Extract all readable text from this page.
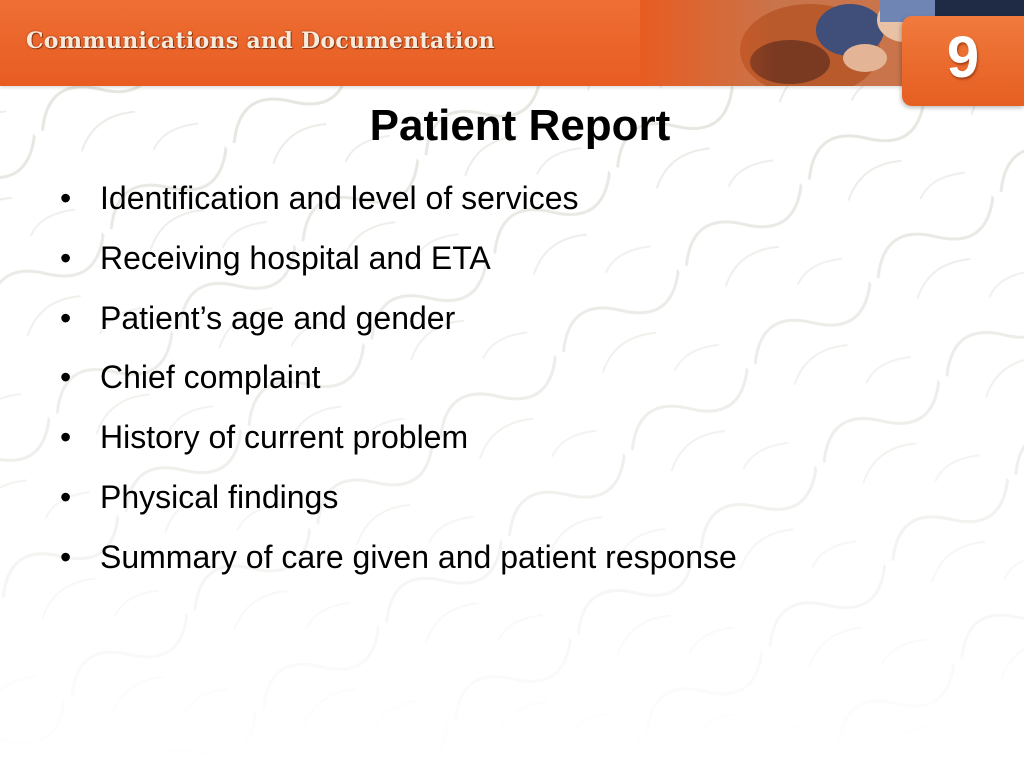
Communications and Documentation	9
Patient Report
• Identification and level of services
• Receiving hospital and ETA
• Patient’s age and gender
• Chief complaint
• History of current problem
• Physical findings
• Summary of care given and patient response
